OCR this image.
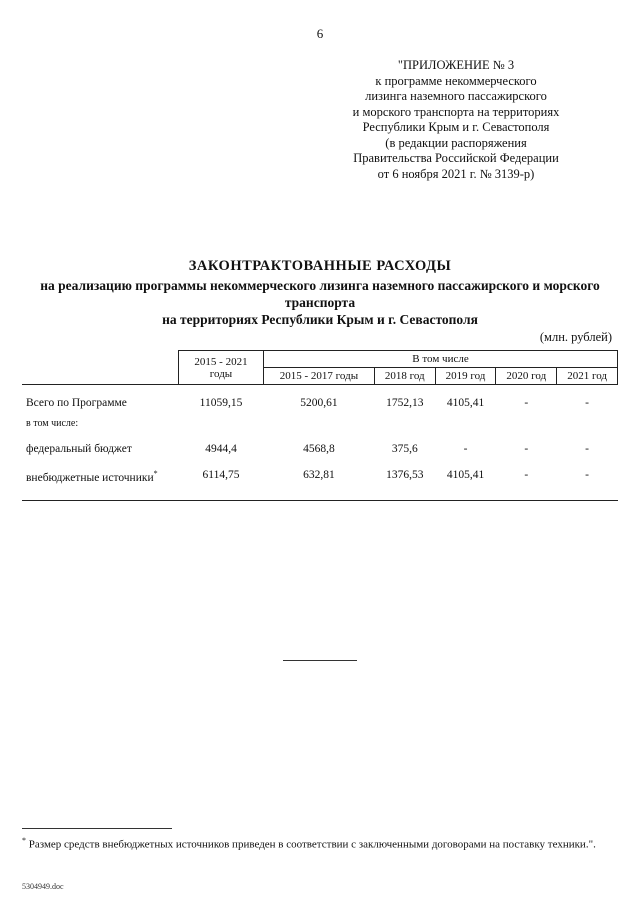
6
"ПРИЛОЖЕНИЕ № 3
к программе некоммерческого
лизинга наземного пассажирского
и морского транспорта на территориях
Республики Крым и г. Севастополя
(в редакции распоряжения
Правительства Российской Федерации
от 6 ноября 2021 г. № 3139-р)
ЗАКОНТРАКТОВАННЫЕ РАСХОДЫ
на реализацию программы некоммерческого лизинга наземного пассажирского и морского транспорта
на территориях Республики Крым и г. Севастополя
(млн. рублей)
	2015 - 2021 годы	В том числе				
		2015 - 2017 годы	2018 год	2019 год	2020 год	2021 год
Всего по Программе	11059,15	5200,61	1752,13	4105,41	-	-
в том числе:						
федеральный бюджет	4944,4	4568,8	375,6	-	-	-
внебюджетные источники*	6114,75	632,81	1376,53	4105,41	-	-
* Размер средств внебюджетных источников приведен в соответствии с заключенными договорами на поставку техники.".
5304949.doc
